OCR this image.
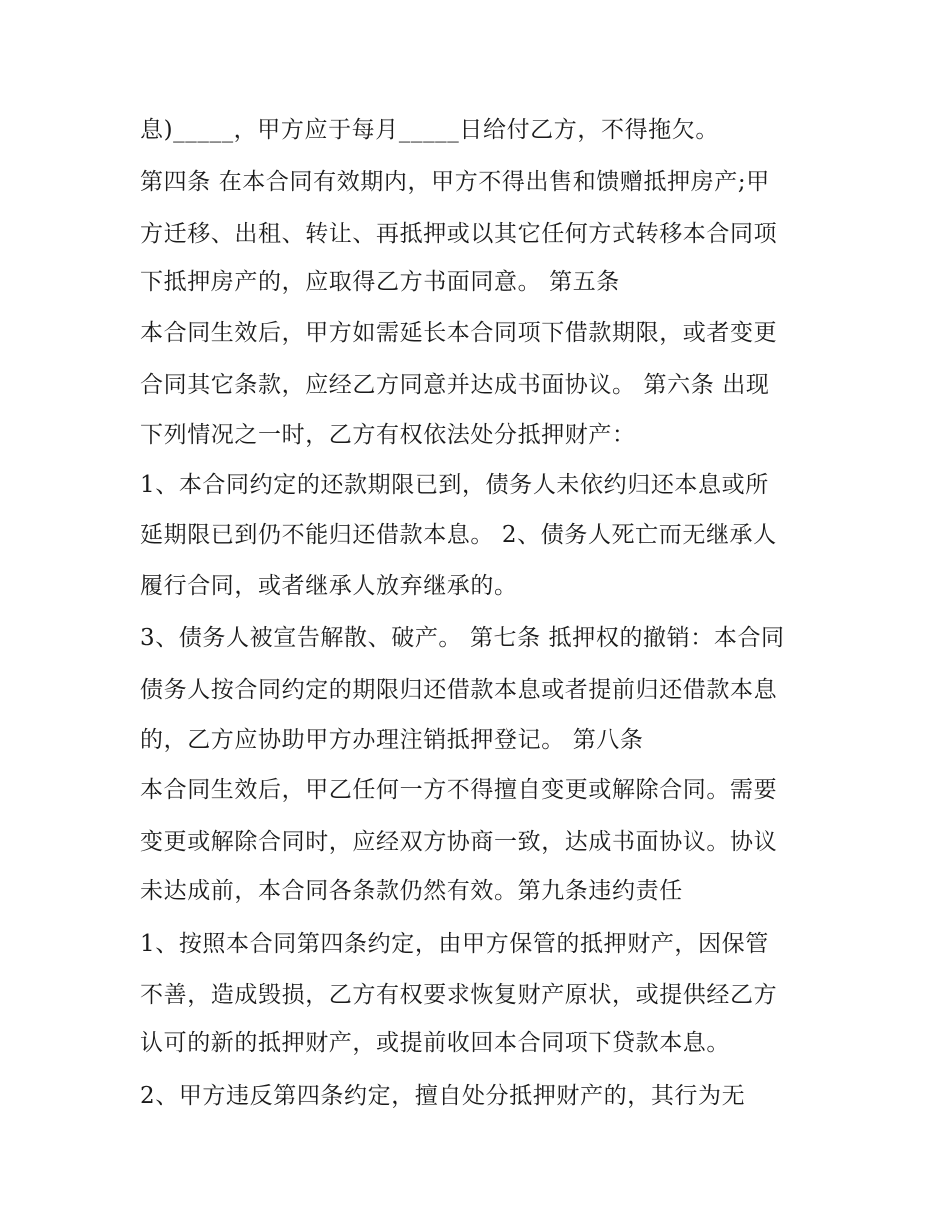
息)_____，甲方应于每月_____日给付乙方，不得拖欠。
第四条 在本合同有效期内，甲方不得出售和馈赠抵押房产;甲
方迁移、出租、转让、再抵押或以其它任何方式转移本合同项
下抵押房产的，应取得乙方书面同意。 第五条
本合同生效后，甲方如需延长本合同项下借款期限，或者变更
合同其它条款，应经乙方同意并达成书面协议。 第六条 出现
下列情况之一时，乙方有权依法处分抵押财产：
1、本合同约定的还款期限已到，债务人未依约归还本息或所
延期限已到仍不能归还借款本息。 2、债务人死亡而无继承人
履行合同，或者继承人放弃继承的。
3、债务人被宣告解散、破产。 第七条 抵押权的撤销：本合同
债务人按合同约定的期限归还借款本息或者提前归还借款本息
的，乙方应协助甲方办理注销抵押登记。 第八条
本合同生效后，甲乙任何一方不得擅自变更或解除合同。需要
变更或解除合同时，应经双方协商一致，达成书面协议。协议
未达成前，本合同各条款仍然有效。第九条违约责任
1、按照本合同第四条约定，由甲方保管的抵押财产，因保管
不善，造成毁损，乙方有权要求恢复财产原状，或提供经乙方
认可的新的抵押财产，或提前收回本合同项下贷款本息。
2、甲方违反第四条约定，擅自处分抵押财产的，其行为无
